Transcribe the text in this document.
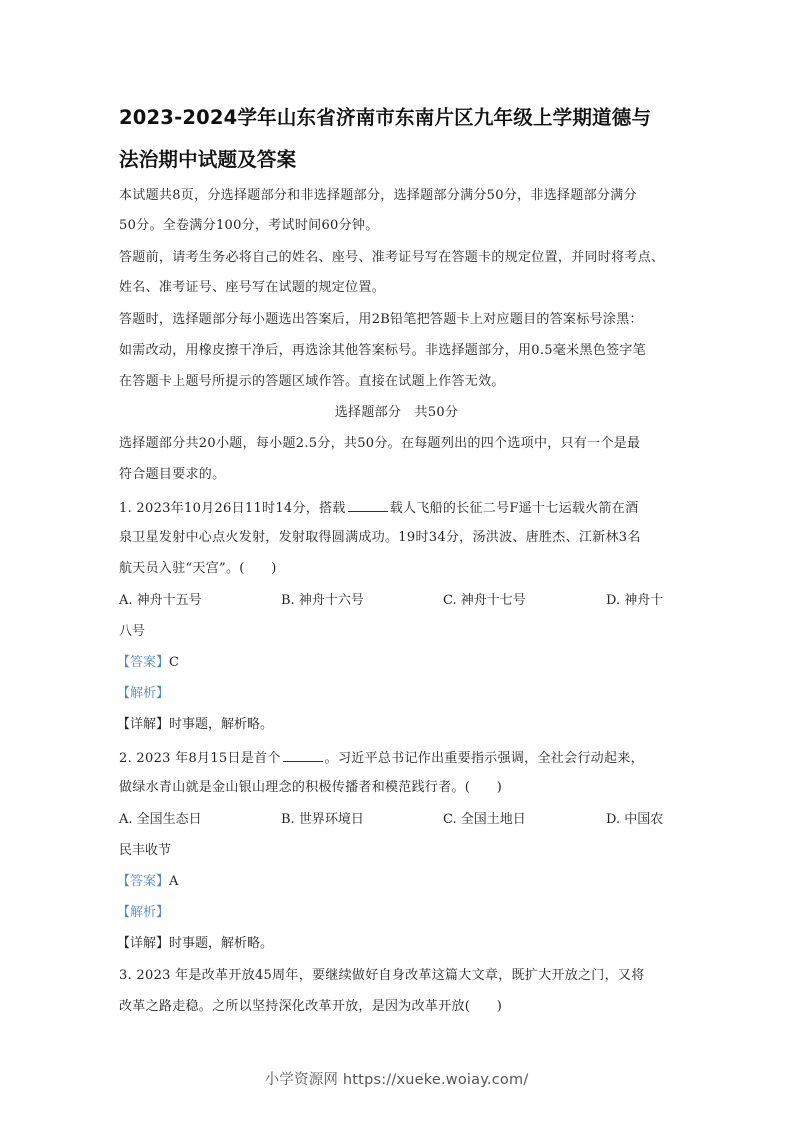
2023-2024学年山东省济南市东南片区九年级上学期道德与
法治期中试题及答案
本试题共8页，分选择题部分和非选择题部分，选择题部分满分50分，非选择题部分满分
50分。全卷满分100分，考试时间60分钟。
答题前，请考生务必将自己的姓名、座号、准考证号写在答题卡的规定位置，并同时将考点、
姓名、准考证号、座号写在试题的规定位置。
答题时，选择题部分每小题选出答案后，用2B铅笔把答题卡上对应题目的答案标号涂黑：
如需改动，用橡皮擦干净后，再选涂其他答案标号。非选择题部分，用0.5毫米黑色签字笔
在答题卡上题号所提示的答题区域作答。直接在试题上作答无效。
选择题部分　共50分
选择题部分共20小题，每小题2.5分，共50分。在每题列出的四个选项中，只有一个是最
符合题目要求的。
1. 2023年10月26日11时14分，搭载	载人飞船的长征二号F遥十七运载火箭在酒
泉卫星发射中心点火发射，发射取得圆满成功。19时34分，汤洪波、唐胜杰、江新林3名
航天员入驻“天宫”。(　　)
A. 神舟十五号	B. 神舟十六号	C. 神舟十七号	D. 神舟十
八号
【答案】C
【解析】
【详解】时事题，解析略。
2. 2023 年8月15日是首个	。习近平总书记作出重要指示强调，全社会行动起来，
做绿水青山就是金山银山理念的积极传播者和模范践行者。(　　)
A. 全国生态日	B. 世界环境日	C. 全国土地日	D. 中国农
民丰收节
【答案】A
【解析】
【详解】时事题，解析略。
3. 2023 年是改革开放45周年，要继续做好自身改革这篇大文章，既扩大开放之门，又将
改革之路走稳。之所以坚持深化改革开放，是因为改革开放(　　)
小学资源网 https://xueke.woiay.com/
